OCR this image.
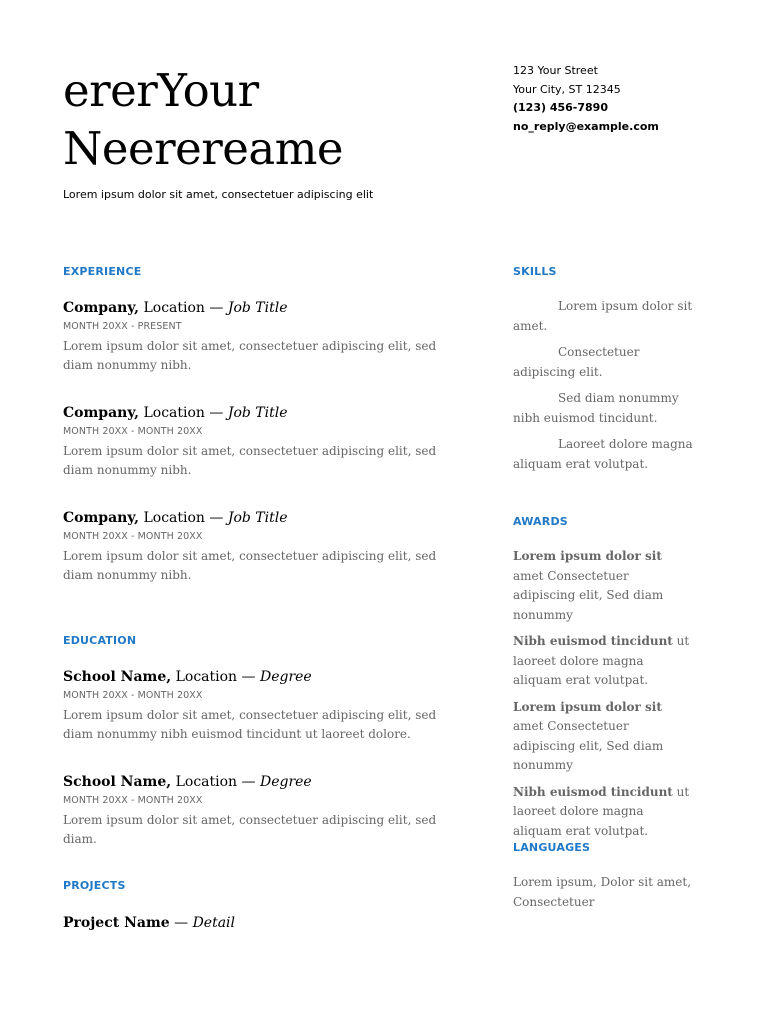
ererYour
Neerereame
Lorem ipsum dolor sit amet, consectetuer adipiscing elit
123 Your Street
Your City, ST 12345
(123) 456-7890
no_reply@example.com
EXPERIENCE
Company, Location — Job Title
MONTH 20XX - PRESENT
Lorem ipsum dolor sit amet, consectetuer adipiscing elit, sed diam nonummy nibh.
Company, Location — Job Title
MONTH 20XX - MONTH 20XX
Lorem ipsum dolor sit amet, consectetuer adipiscing elit, sed diam nonummy nibh.
Company, Location — Job Title
MONTH 20XX - MONTH 20XX
Lorem ipsum dolor sit amet, consectetuer adipiscing elit, sed diam nonummy nibh.
EDUCATION
School Name, Location — Degree
MONTH 20XX - MONTH 20XX
Lorem ipsum dolor sit amet, consectetuer adipiscing elit, sed diam nonummy nibh euismod tincidunt ut laoreet dolore.
School Name, Location — Degree
MONTH 20XX - MONTH 20XX
Lorem ipsum dolor sit amet, consectetuer adipiscing elit, sed diam.
PROJECTS
Project Name — Detail
SKILLS
Lorem ipsum dolor sit amet.
Consectetuer adipiscing elit.
Sed diam nonummy nibh euismod tincidunt.
Laoreet dolore magna aliquam erat volutpat.
AWARDS
Lorem ipsum dolor sit amet Consectetuer adipiscing elit, Sed diam nonummy
Nibh euismod tincidunt ut laoreet dolore magna aliquam erat volutpat.
Lorem ipsum dolor sit amet Consectetuer adipiscing elit, Sed diam nonummy
Nibh euismod tincidunt ut laoreet dolore magna aliquam erat volutpat.
LANGUAGES
Lorem ipsum, Dolor sit amet, Consectetuer
